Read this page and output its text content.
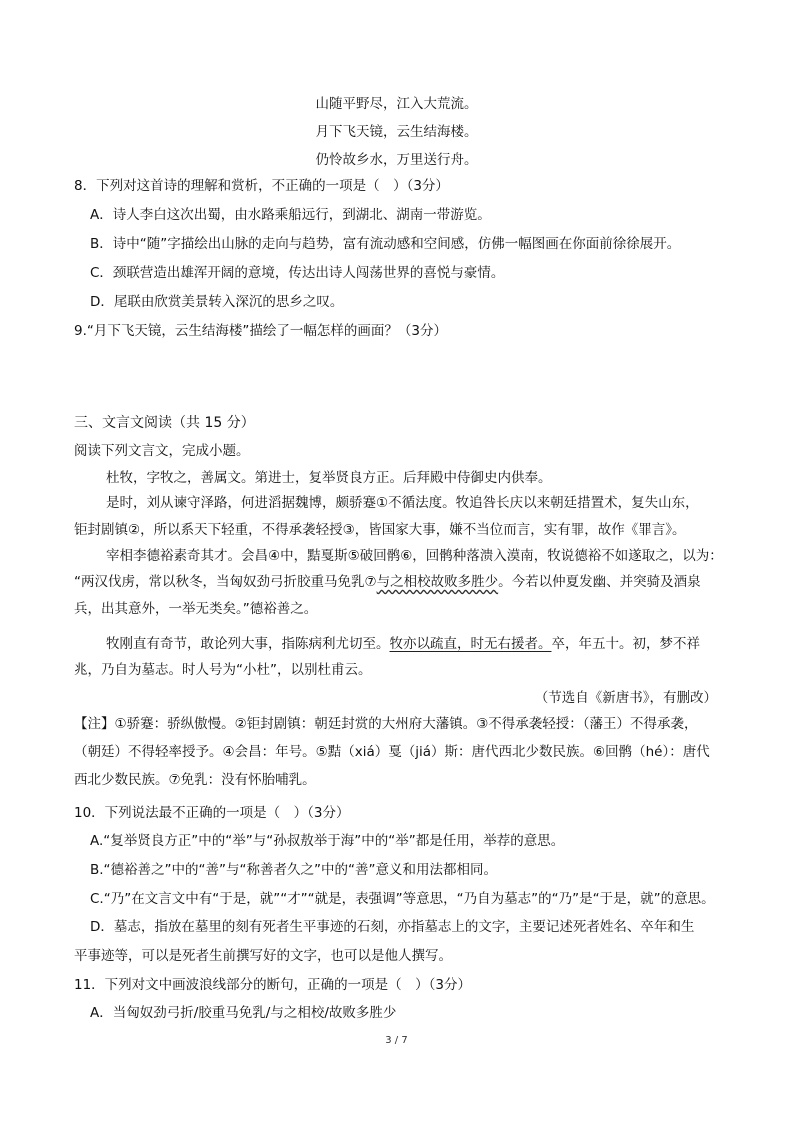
山随平野尽，江入大荒流。
月下飞天镜，云生结海楼。
仍怜故乡水，万里送行舟。
8．下列对这首诗的理解和赏析，不正确的一项是（　）（3分）
A．诗人李白这次出蜀，由水路乘船远行，到湖北、湖南一带游览。
B．诗中“随”字描绘出山脉的走向与趋势，富有流动感和空间感，仿佛一幅图画在你面前徐徐展开。
C．颈联营造出雄浑开阔的意境，传达出诗人闯荡世界的喜悦与豪情。
D．尾联由欣赏美景转入深沉的思乡之叹。
9.“月下飞天镜，云生结海楼”描绘了一幅怎样的画面？（3分）
三、文言文阅读（共 15 分）
阅读下列文言文，完成小题。
杜牧，字牧之，善属文。第进士，复举贤良方正。后拜殿中侍御史内供奉。
是时，刘从谏守泽路，何进滔据魏博，颇骄蹇①不循法度。牧追咎长庆以来朝廷措置术，复失山东，
钜封剧镇②，所以系天下轻重，不得承袭轻授③，皆国家大事，嫌不当位而言，实有罪，故作《罪言》。
宰相李德裕素奇其才。会昌④中，黠戛斯⑤破回鹘⑥，回鹘种落溃入漠南，牧说德裕不如遂取之，以为：
“两汉伐虏，常以秋冬，当匈奴劲弓折胶重马免乳⑦与之相校故败多胜少。今若以仲夏发幽、并突骑及酒泉
兵，出其意外，一举无类矣。”德裕善之。
牧刚直有奇节，敢论列大事，指陈病利尤切至。牧亦以疏直，时无右援者。卒，年五十。初，梦不祥
兆，乃自为墓志。时人号为“小杜”，以别杜甫云。
（节选自《新唐书》，有删改）
【注】①骄蹇：骄纵傲慢。②钜封剧镇：朝廷封赏的大州府大藩镇。③不得承袭轻授：（藩王）不得承袭，
（朝廷）不得轻率授予。④会昌：年号。⑤黠（xiá）戛（jiá）斯：唐代西北少数民族。⑥回鹘（hé）：唐代
西北少数民族。⑦免乳：没有怀胎哺乳。
10．下列说法最不正确的一项是（　）（3分）
A.“复举贤良方正”中的“举”与“孙叔敖举于海”中的“举”都是任用，举荐的意思。
B.“德裕善之”中的“善”与“称善者久之”中的“善”意义和用法都相同。
C.“乃”在文言文中有“于是，就”“才”“就是，表强调”等意思，“乃自为墓志”的“乃”是“于是，就”的意思。
D．墓志，指放在墓里的刻有死者生平事迹的石刻，亦指墓志上的文字，主要记述死者姓名、卒年和生
平事迹等，可以是死者生前撰写好的文字，也可以是他人撰写。
11．下列对文中画波浪线部分的断句，正确的一项是（　）（3分）
A．当匈奴劲弓折/胶重马免乳/与之相校/故败多胜少
3 / 7
